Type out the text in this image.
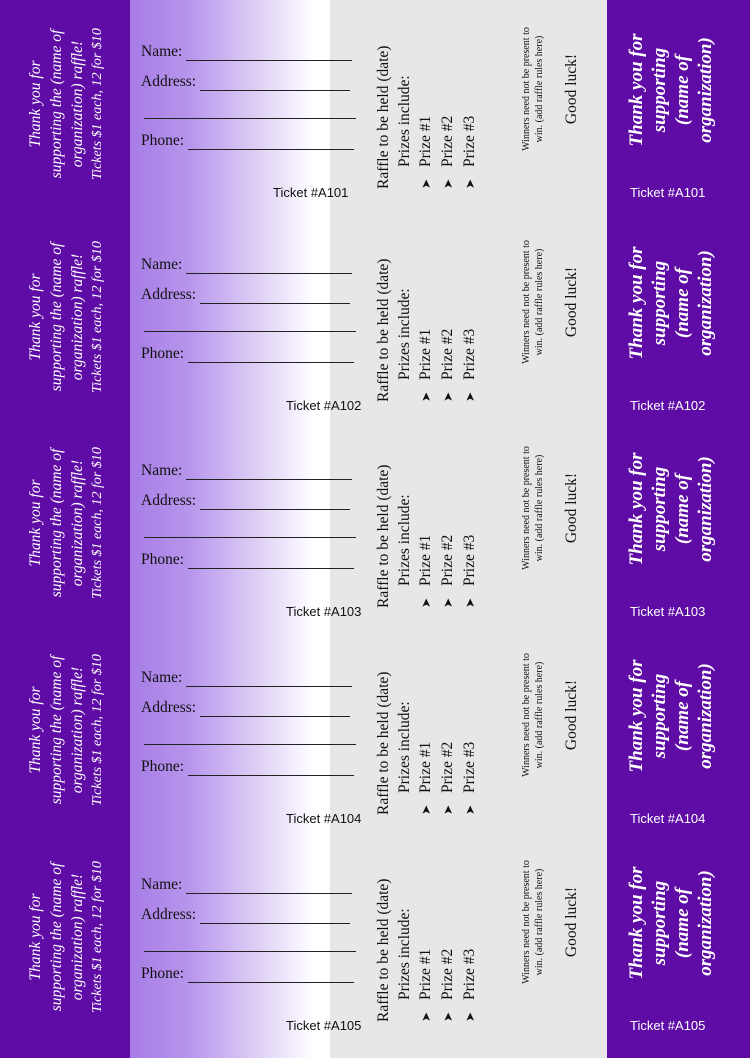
Thank you for supporting the (name of organization) raffle! Tickets $1 each, 12 for $10 Name:
Address:
Phone:
Ticket #A101
Raffle to be held (date) Prizes include:
➤Prize #1
➤Prize #2
➤Prize #3	Winners need not be present to win. (add raffle rules here) Good luck! Thank you for supporting (name of organization)
Ticket #A101
Thank you for supporting the (name of organization) raffle! Tickets $1 each, 12 for $10 Name:
Address:
Phone:
Ticket #A102
Raffle to be held (date) Prizes include:
➤Prize #1
➤Prize #2
➤Prize #3	Winners need not be present to win. (add raffle rules here) Good luck! Thank you for supporting (name of organization)
Ticket #A102
Thank you for supporting the (name of organization) raffle! Tickets $1 each, 12 for $10 Name:
Address:
Phone:
Ticket #A103
Raffle to be held (date) Prizes include:
➤Prize #1
➤Prize #2
➤Prize #3	Winners need not be present to win. (add raffle rules here) Good luck! Thank you for supporting (name of organization)
Ticket #A103
Thank you for supporting the (name of organization) raffle! Tickets $1 each, 12 for $10 Name:
Address:
Phone:
Ticket #A104
Raffle to be held (date) Prizes include:
➤Prize #1
➤Prize #2
➤Prize #3	Winners need not be present to win. (add raffle rules here) Good luck! Thank you for supporting (name of organization)
Ticket #A104
Thank you for supporting the (name of organization) raffle! Tickets $1 each, 12 for $10 Name:
Address:
Phone:
Ticket #A105
Raffle to be held (date) Prizes include:
➤Prize #1
➤Prize #2
➤Prize #3	Winners need not be present to win. (add raffle rules here) Good luck! Thank you for supporting (name of organization)
Ticket #A105
